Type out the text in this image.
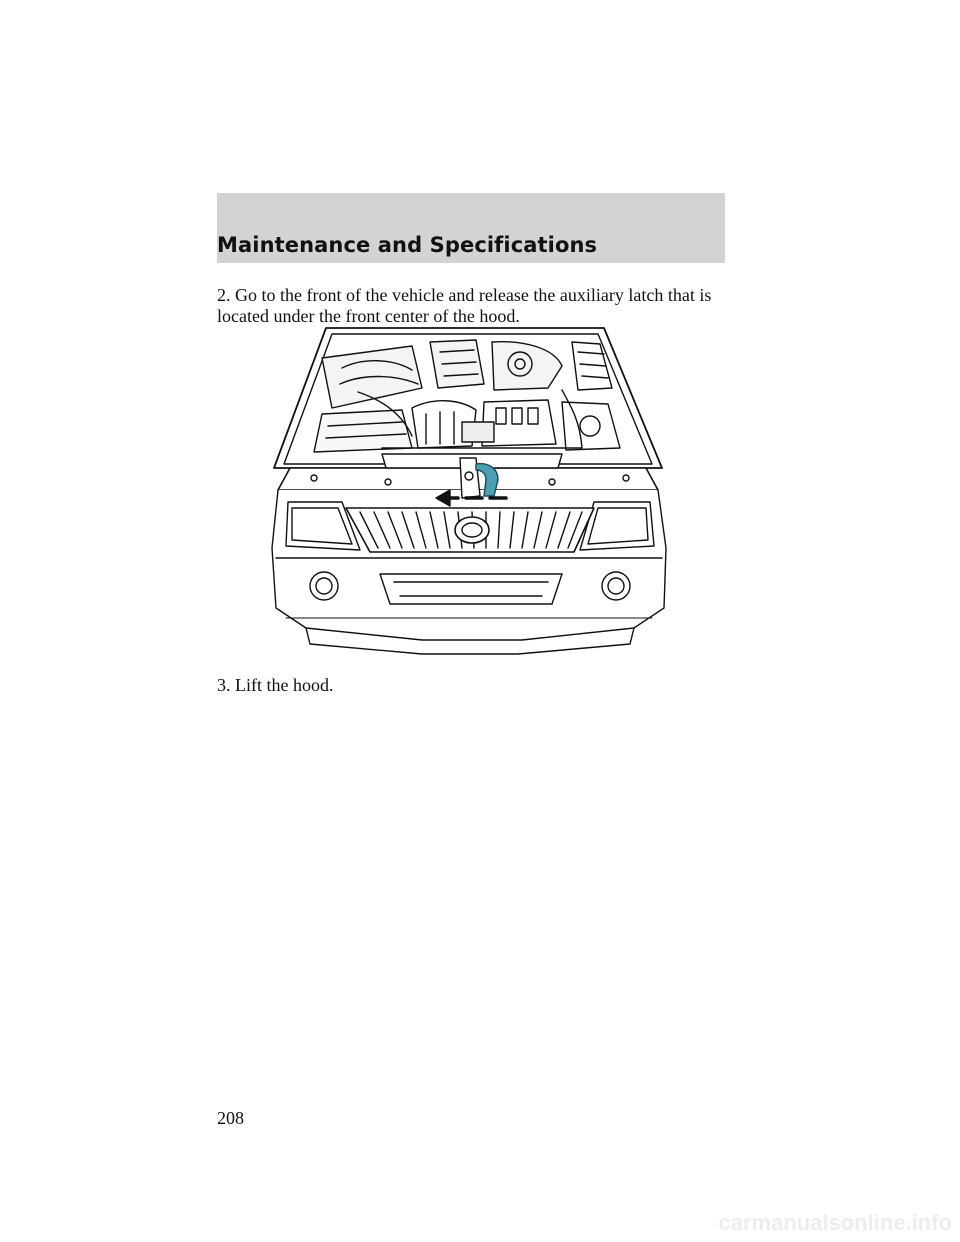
Maintenance and Specifications

2. Go to the front of the vehicle and release the auxiliary latch that is located under the front center of the hood.

3. Lift the hood.

208
carmanualsonline.info
